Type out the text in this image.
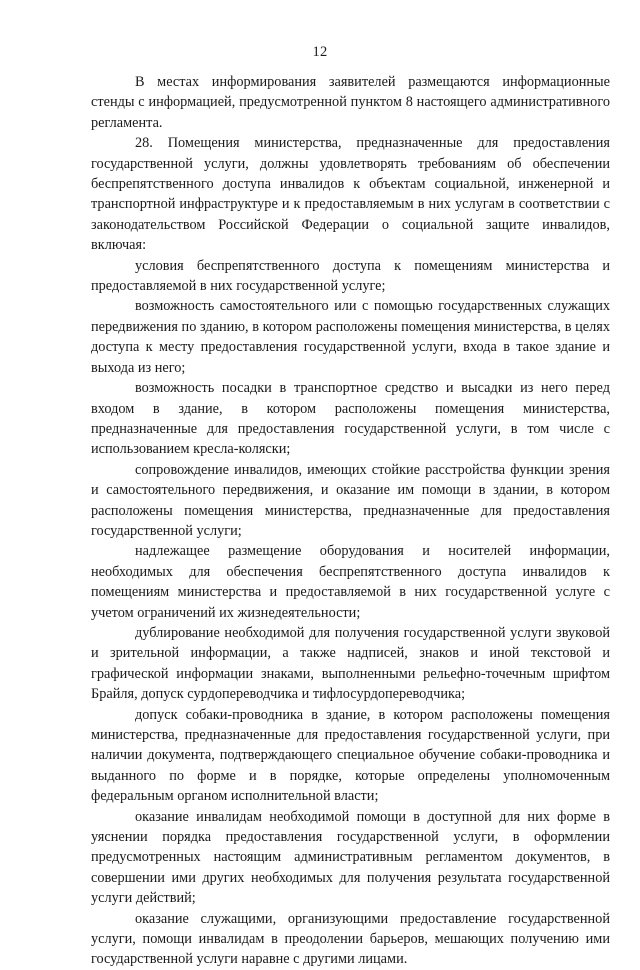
12

В местах информирования заявителей размещаются информационные стенды с информацией, предусмотренной пунктом 8 настоящего административного регламента.

28. Помещения министерства, предназначенные для предоставления государственной услуги, должны удовлетворять требованиям об обеспечении беспрепятственного доступа инвалидов к объектам социальной, инженерной и транспортной инфраструктуре и к предоставляемым в них услугам в соответствии с законодательством Российской Федерации о социальной защите инвалидов, включая:

условия беспрепятственного доступа к помещениям министерства и предоставляемой в них государственной услуге;

возможность самостоятельного или с помощью государственных служащих передвижения по зданию, в котором расположены помещения министерства, в целях доступа к месту предоставления государственной услуги, входа в такое здание и выхода из него;

возможность посадки в транспортное средство и высадки из него перед входом в здание, в котором расположены помещения министерства, предназначенные для предоставления государственной услуги, в том числе с использованием кресла-коляски;

сопровождение инвалидов, имеющих стойкие расстройства функции зрения и самостоятельного передвижения, и оказание им помощи в здании, в котором расположены помещения министерства, предназначенные для предоставления государственной услуги;

надлежащее размещение оборудования и носителей информации, необходимых для обеспечения беспрепятственного доступа инвалидов к помещениям министерства и предоставляемой в них государственной услуге с учетом ограничений их жизнедеятельности;

дублирование необходимой для получения государственной услуги звуковой и зрительной информации, а также надписей, знаков и иной текстовой и графической информации знаками, выполненными рельефно-точечным шрифтом Брайля, допуск сурдопереводчика и тифлосурдопереводчика;

допуск собаки-проводника в здание, в котором расположены помещения министерства, предназначенные для предоставления государственной услуги, при наличии документа, подтверждающего специальное обучение собаки-проводника и выданного по форме и в порядке, которые определены уполномоченным федеральным органом исполнительной власти;

оказание инвалидам необходимой помощи в доступной для них форме в уяснении порядка предоставления государственной услуги, в оформлении предусмотренных настоящим административным регламентом документов, в совершении ими других необходимых для получения результата государственной услуги действий;

оказание служащими, организующими предоставление государственной услуги, помощи инвалидам в преодолении барьеров, мешающих получению ими государственной услуги наравне с другими лицами.
